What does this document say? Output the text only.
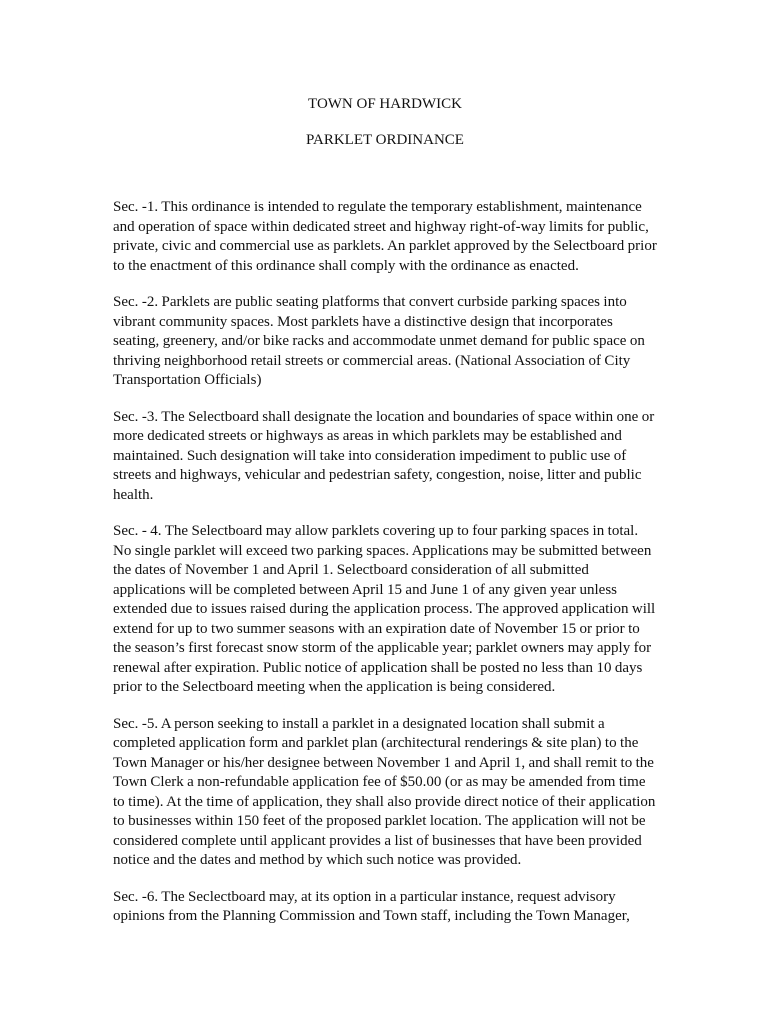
TOWN OF HARDWICK
PARKLET ORDINANCE

Sec. -1. This ordinance is intended to regulate the temporary establishment, maintenance and operation of space within dedicated street and highway right-of-way limits for public, private, civic and commercial use as parklets. An parklet approved by the Selectboard prior to the enactment of this ordinance shall comply with the ordinance as enacted.

Sec. -2. Parklets are public seating platforms that convert curbside parking spaces into vibrant community spaces. Most parklets have a distinctive design that incorporates seating, greenery, and/or bike racks and accommodate unmet demand for public space on thriving neighborhood retail streets or commercial areas. (National Association of City Transportation Officials)

Sec. -3. The Selectboard shall designate the location and boundaries of space within one or more dedicated streets or highways as areas in which parklets may be established and maintained. Such designation will take into consideration impediment to public use of streets and highways, vehicular and pedestrian safety, congestion, noise, litter and public health.

Sec. - 4. The Selectboard may allow parklets covering up to four parking spaces in total. No single parklet will exceed two parking spaces. Applications may be submitted between the dates of November 1 and April 1. Selectboard consideration of all submitted applications will be completed between April 15 and June 1 of any given year unless extended due to issues raised during the application process. The approved application will extend for up to two summer seasons with an expiration date of November 15 or prior to the season’s first forecast snow storm of the applicable year; parklet owners may apply for renewal after expiration. Public notice of application shall be posted no less than 10 days prior to the Selectboard meeting when the application is being considered.

Sec. -5. A person seeking to install a parklet in a designated location shall submit a completed application form and parklet plan (architectural renderings & site plan) to the Town Manager or his/her designee between November 1 and April 1, and shall remit to the Town Clerk a non-refundable application fee of $50.00 (or as may be amended from time to time). At the time of application, they shall also provide direct notice of their application to businesses within 150 feet of the proposed parklet location. The application will not be considered complete until applicant provides a list of businesses that have been provided notice and the dates and method by which such notice was provided.

Sec. -6. The Seclectboard may, at its option in a particular instance, request advisory opinions from the Planning Commission and Town staff, including the Town Manager,
